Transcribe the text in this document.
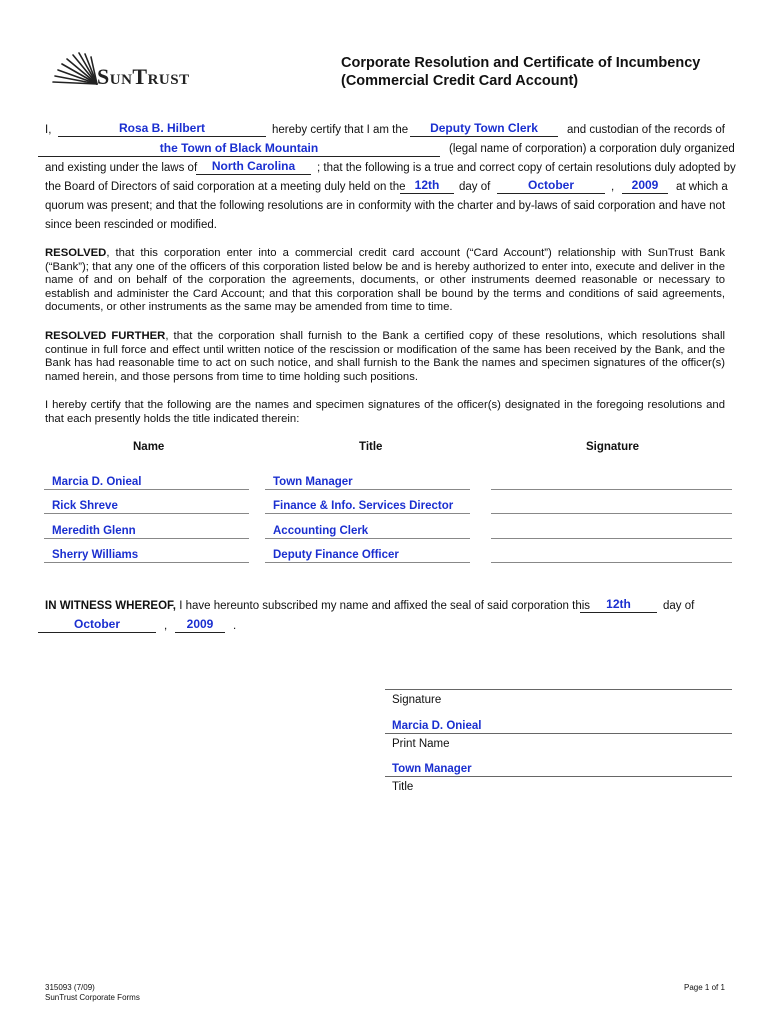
SunTrust
Corporate Resolution and Certificate of Incumbency
(Commercial Credit Card Account)
I,	Rosa B. Hilbert	hereby certify that I am the	Deputy Town Clerk	and custodian of the records of
the Town of Black Mountain	(legal name of corporation) a corporation duly organized
and existing under the laws of	North Carolina	; that the following is a true and correct copy of certain resolutions duly adopted by
the Board of Directors of said corporation at a meeting duly held on the 12th	day of	October	,	2009	at which a
quorum was present; and that the following resolutions are in conformity with the charter and by-laws of said corporation and have not
since been rescinded or modified.
RESOLVED, that this corporation enter into a commercial credit card account (“Card Account”) relationship with SunTrust Bank (“Bank”); that any one of the officers of this corporation listed below be and is hereby authorized to enter into, execute and deliver in the name of and on behalf of the corporation the agreements, documents, or other instruments deemed reasonable or necessary to establish and administer the Card Account; and that this corporation shall be bound by the terms and conditions of said agreements, documents, or other instruments as the same may be amended from time to time.
RESOLVED FURTHER, that the corporation shall furnish to the Bank a certified copy of these resolutions, which resolutions shall continue in full force and effect until written notice of the rescission or modification of the same has been received by the Bank, and the Bank has had reasonable time to act on such notice, and shall furnish to the Bank the names and specimen signatures of the officer(s) named herein, and those persons from time to time holding such positions.
I hereby certify that the following are the names and specimen signatures of the officer(s) designated in the foregoing resolutions and that each presently holds the title indicated therein:
Name	Title	Signature
Marcia D. Onieal	Town Manager
Rick Shreve	Finance & Info. Services Director
Meredith Glenn	Accounting Clerk
Sherry Williams	Deputy Finance Officer
IN WITNESS WHEREOF, I have hereunto subscribed my name and affixed the seal of said corporation this	12th	day of
October	,	2009	.
Signature
Marcia D. Onieal
Print Name
Town Manager
Title
315093 (7/09)
SunTrust Corporate Forms
Page 1 of 1
